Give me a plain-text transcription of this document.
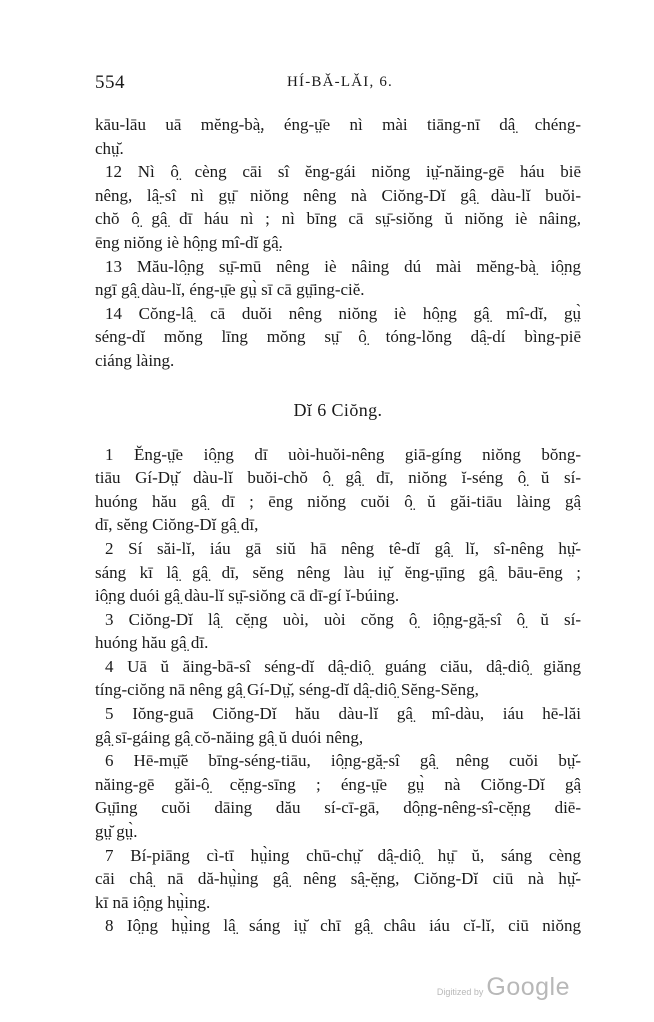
554	HÍ-BǍ-LǍI, 6.
kāu-lāu uā mĕng-bà̤, éng-ṳ̄e nì mài tiāng-nī dâ̤ chéng-
chṳ̆.
12 Nì ô̤ cèng cāi sî ĕng-gái niŏng iṳ̆-năing-gē háu biē
nêng, lâ̤-sî nì gṳ̄ niŏng nêng nà Ciŏng-Dĭ gâ̤ dàu-lĭ buŏi-
chŏ ô̤ gâ̤ dī háu nì ; nì bīng cā sṳ̄-siŏng ŭ niŏng iè nâing,
ēng niŏng iè hô̤ng mî-dĭ gâ̤.
13 Mău-lô̤ng sṳ̄-mū nêng iè nâing dú mài mĕng-bà̤ iô̤ng
ngī gâ̤ dàu-lĭ, éng-ṳ̄e gṳ̀ sī cā gṳ̄ing-ciĕ.
14 Cŏng-lâ̤ cā duŏi nêng niŏng iè hô̤ng gâ̤ mî-dĭ, gṳ̀
séng-dĭ mŏng līng mŏng sṳ̄ ô̤ tóng-lŏng dâ̤-dí bìng-piē
ciáng làing.
Dĭ 6 Ciŏng.
1 Ĕng-ṳ̄e iô̤ng dī uòi-huŏi-nêng giā-gíng niŏng bŏng-
tiāu Gí-Dṳ̆ dàu-lĭ buŏi-chŏ ô̤ gâ̤ dī, niŏng ĭ-séng ô̤ ŭ sí-
huóng hău gâ̤ dī ; ēng niŏng cuŏi ô̤ ŭ găi-tiāu làing gâ̤
dī, sĕng Ciŏng-Dĭ gâ̤ dī,
2 Sí săi-lĭ, iáu gā siŭ hā nêng tê-dĭ gâ̤ lĭ, sî-nêng hṳ̆-
sáng kī lâ̤ gâ̤ dī, sĕng nêng làu iṳ̆ ĕng-ṳ̄ing gâ̤ bāu-ēng ;
iô̤ng duói gâ̤ dàu-lĭ sṳ̄-siŏng cā dī-gí ĭ-búing.
3 Ciŏng-Dĭ lâ̤ cĕ̤ng uòi, uòi cŏng ô̤ iô̤ng-gă̤-sî ô̤ ŭ sí-
huóng hău gâ̤ dī.
4 Uā ŭ ăing-bā-sî séng-dĭ dâ̤-diô̤ guáng ciău, dâ̤-diô̤ giăng
tíng-ciŏng nā nêng gâ̤ Gí-Dṳ̆, séng-dĭ dâ̤-diô̤ Sĕng-Sĕng,
5 Iŏng-guā Ciŏng-Dĭ hău dàu-lĭ gâ̤ mî-dàu, iáu hē-lăi
gâ̤ sī-gáing gâ̤ cŏ-năing gâ̤ ŭ duói nêng,
6 Hē-mṳ̄ĕ bīng-séng-tiāu, iô̤ng-gă̤-sî gâ̤ nêng cuŏi bṳ̆-
năing-gē găi-ô̤ cĕ̤ng-sīng ; éng-ṳ̄e gṳ̀ nà Ciŏng-Dĭ gâ̤
Gṳ̄ing cuŏi dāing dău sí-cī-gā, dô̤ng-nêng-sî-cĕ̤ng diē-
gṳ̆ gṳ̀.
7 Bí-piāng cì-tī hṳ̀ing chū-chṳ̆ dâ̤-diô̤ hṳ̄ ŭ, sáng cèng
cāi châ̤ nā dă-hṳ̀ing gâ̤ nêng sâ̤-ĕ̤ng, Ciŏng-Dĭ ciū nà hṳ̆-
kī nā iô̤ng hṳ̀ing.
8 Iô̤ng hṳ̀ing lâ̤ sáng iṳ̆ chī gâ̤ châu iáu cĭ-lĭ, ciū niŏng
Digitized by Google
